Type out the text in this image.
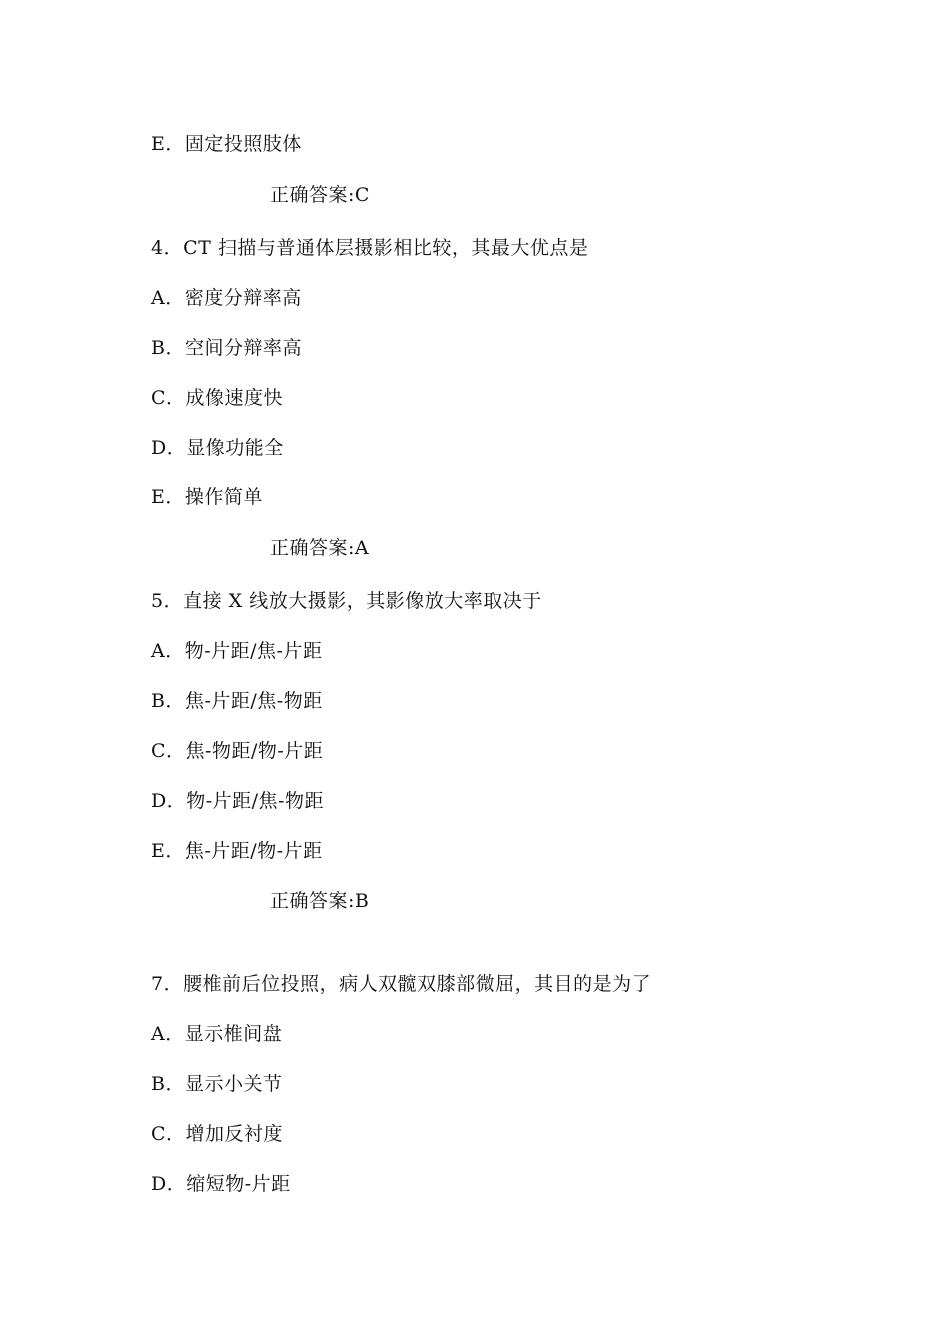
E．固定投照肢体
正确答案:C
4．CT 扫描与普通体层摄影相比较，其最大优点是
A．密度分辩率高
B．空间分辩率高
C．成像速度快
D．显像功能全
E．操作简单
正确答案:A
5．直接 X 线放大摄影，其影像放大率取决于
A．物-片距/焦-片距
B．焦-片距/焦-物距
C．焦-物距/物-片距
D．物-片距/焦-物距
E．焦-片距/物-片距
正确答案:B
7．腰椎前后位投照，病人双髋双膝部微屈，其目的是为了
A．显示椎间盘
B．显示小关节
C．增加反衬度
D．缩短物-片距
